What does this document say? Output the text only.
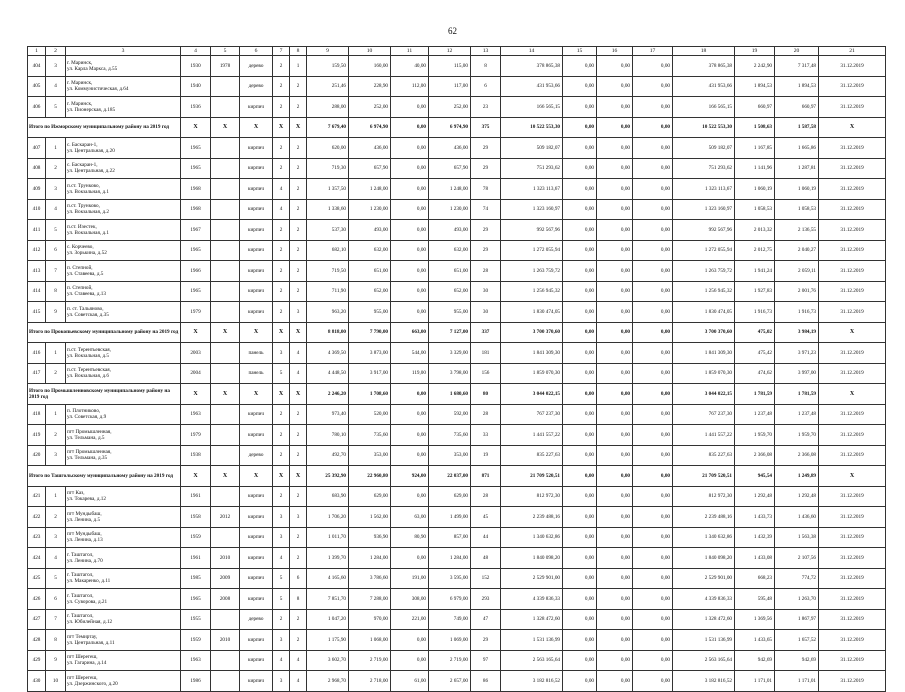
62
1	2	3	4	5	6	7	8	9	10	11	12	13	14	15	16	17	18	19	20	21
404	3	г. Маринск,
ул. Карла Маркса, д.55	1930	1978	дерево	2	1	159,50	160,00	40,00	115,00	8	378 865,38	0,00	0,00	0,00	378 865,38	2 242,90	7 317,48	31.12.2019
405	4	г. Маринск,
ул. Коммунистическая, д.64	1940		дерево	2	2	251,46	228,90	112,00	117,00	6	431 953,66	0,00	0,00	0,00	431 953,66	1 894,53	1 894,53	31.12.2019
406	5	г. Маринск,
ул. Пионерская, д.185	1936		кирпич	2	2	288,00	252,00	0,00	252,00	23	166 565,15	0,00	0,00	0,00	166 565,15	660,97	660,97	31.12.2019
Итого по Ижморскому муниципальному району на 2019 год			X	X	X	X	X	7 679,40	6 974,90	0,00	6 974,90	375	10 522 553,30	0,00	0,00	0,00	10 522 553,30	1 508,63	1 587,58	X
407	1	с. Баскаран-1,
ул. Центральная, д.20	1965		кирпич	2	2	620,00	436,00	0,00	436,00	29	509 182,07	0,00	0,00	0,00	509 182,07	1 167,85	1 665,86	31.12.2019
408	2	с. Баскаран-1,
ул. Центральная, д.22	1965		кирпич	2	2	719,30	657,90	0,00	657,90	29	751 293,62	0,00	0,00	0,00	751 293,62	1 141,96	1 287,81	31.12.2019
409	3	п.ст. Трунково,
ул. Вокзальная, д.1	1968		кирпич	4	2	1 357,50	1 248,00	0,00	1 248,00	78	1 323 113,67	0,00	0,00	0,00	1 323 113,67	1 060,19	1 060,19	31.12.2019
410	4	п.ст. Трунково,
ул. Вокзальная, д.2	1968		кирпич	4	2	1 338,60	1 230,00	0,00	1 230,00	74	1 323 160,97	0,00	0,00	0,00	1 323 160,97	1 058,53	1 058,53	31.12.2019
411	5	п.ст. Изестек,
ул. Вокзальная, д.1	1967		кирпич	2	2	537,30	493,00	0,00	493,00	29	992 567,96	0,00	0,00	0,00	992 567,96	2 013,32	2 136,55	31.12.2019
412	6	с. Корчеево,
ул. Зорькина, д.52	1965		кирпич	2	2	682,10	632,00	0,00	632,00	29	1 272 055,94	0,00	0,00	0,00	1 272 055,94	2 012,75	2 040,27	31.12.2019
413	7	п. Степной,
ул. Ставеева, д.5	1966		кирпич	2	2	719,50	651,00	0,00	651,00	28	1 263 759,72	0,00	0,00	0,00	1 263 759,72	1 941,24	2 059,11	31.12.2019
414	8	п. Степной,
ул. Ставеева, д.13	1965		кирпич	2	2	711,90	652,00	0,00	652,00	30	1 256 945,32	0,00	0,00	0,00	1 256 945,32	1 927,83	2 001,76	31.12.2019
415	9	п. ст. Тальяново,
ул. Советская, д.35	1979		кирпич	2	3	963,20	955,00	0,00	955,00	30	1 830 474,05	0,00	0,00	0,00	1 830 474,05	1 916,73	1 916,73	31.12.2019
Итого по Прокопьевскому муниципальному району на 2019 год			X	X	X	X	X	8 818,00	7 790,00	663,00	7 127,00	337	3 700 370,60	0,00	0,00	0,00	3 700 370,60	475,02	3 984,19	X
416	1	п.ст. Терентьевская,
ул. Вокзальная, д.5	2003		панель	3	4	4 369,50	3 873,00	544,00	3 329,00	181	1 841 309,30	0,00	0,00	0,00	1 841 309,30	475,42	3 971,23	31.12.2019
417	2	п.ст. Терентьевская,
ул. Вокзальная, д.6	2004		панель	5	4	4 448,50	3 917,00	119,00	3 798,00	156	1 859 070,30	0,00	0,00	0,00	1 859 070,30	474,62	3 997,00	31.12.2019
Итого по Промышленновскому муниципальному району на 2019 год			X	X	X	X	X	2 246,20	1 708,60	0,00	1 680,60	80	3 044 022,15	0,00	0,00	0,00	3 044 022,15	1 781,59	1 781,59	X
418	1	п. Плотниково,
ул. Советская, д.9	1963		кирпич	2	2	973,40	520,00	0,00	592,00	28	767 237,30	0,00	0,00	0,00	767 237,30	1 237,48	1 237,48	31.12.2019
419	2	пгт Промышленная,
ул. Тельмана, д.5	1979		кирпич	2	2	780,10	735,60	0,00	735,60	33	1 441 557,22	0,00	0,00	0,00	1 441 557,22	1 959,70	1 959,70	31.12.2019
420	3	пгт Промышленная,
ул. Тельмана, д.35	1938		дерево	2	2	492,70	353,00	0,00	353,00	19	835 227,63	0,00	0,00	0,00	835 227,63	2 366,08	2 366,08	31.12.2019
Итого по Ташгольскому муниципальному району на 2019 год			X	X	X	X	X	25 392,90	22 960,80	924,00	22 037,00	871	21 709 520,51	0,00	0,00	0,00	21 709 520,51	945,54	1 249,89	X
421	1	пгт Каз,
ул. Токарева, д.12	1961		кирпич	2	2	683,90	629,00	0,00	629,00	28	812 972,30	0,00	0,00	0,00	812 972,30	1 292,48	1 292,48	31.12.2019
422	2	пгт Мундыбаш,
ул. Ленина, д.5	1958	2012	кирпич	3	3	1 706,20	1 562,00	63,00	1 499,00	45	2 239 488,16	0,00	0,00	0,00	2 239 488,16	1 433,73	1 436,60	31.12.2019
423	3	пгт Мундыбаш,
ул. Ленина, д.13	1959		кирпич	3	2	1 011,70	936,90	80,90	857,00	44	1 340 632,86	0,00	0,00	0,00	1 340 632,86	1 432,39	1 563,38	31.12.2019
424	4	г. Таштагол,
ул. Ленина, д.70	1961	2010	кирпич	4	2	1 399,70	1 284,00	0,00	1 284,00	48	1 840 098,20	0,00	0,00	0,00	1 840 098,20	1 433,08	2 107,56	31.12.2019
425	5	г. Таштагол,
ул. Макаренко, д.11	1985	2009	кирпич	5	6	4 165,60	3 786,60	191,00	3 595,00	152	2 529 901,00	0,00	0,00	0,00	2 529 901,00	668,23	774,72	31.12.2019
426	6	г. Таштагол,
ул. Суворова, д.21	1965	2008	кирпич	5	8	7 851,70	7 288,00	308,00	6 979,00	293	4 339 836,33	0,00	0,00	0,00	4 339 836,33	595,48	1 263,70	31.12.2019
427	7	г. Таштагол,
ул. Юбилейная, д.12	1955		дерево	2	2	1 047,20	970,00	221,00	749,00	47	1 328 472,60	0,00	0,00	0,00	1 328 472,60	1 369,56	1 867,97	31.12.2019
428	8	пгт Темиртау,
ул. Центральная, д.11	1959	2010	кирпич	3	2	1 175,90	1 068,00	0,00	1 069,00	29	1 531 136,99	0,00	0,00	0,00	1 531 136,99	1 433,65	1 657,52	31.12.2019
429	9	пгт Шерегеш,
ул. Гагарина, д.14	1963		кирпич	4	4	3 602,70	2 719,00	0,00	2 719,00	97	2 563 165,64	0,00	0,00	0,00	2 563 165,64	942,69	942,69	31.12.2019
430	10	пгт Шерегеш,
ул. Дзержинского, д.20	1986		кирпич	3	4	2 968,70	2 718,00	61,00	2 657,00	86	3 182 816,52	0,00	0,00	0,00	3 182 816,52	1 171,01	1 171,01	31.12.2019
